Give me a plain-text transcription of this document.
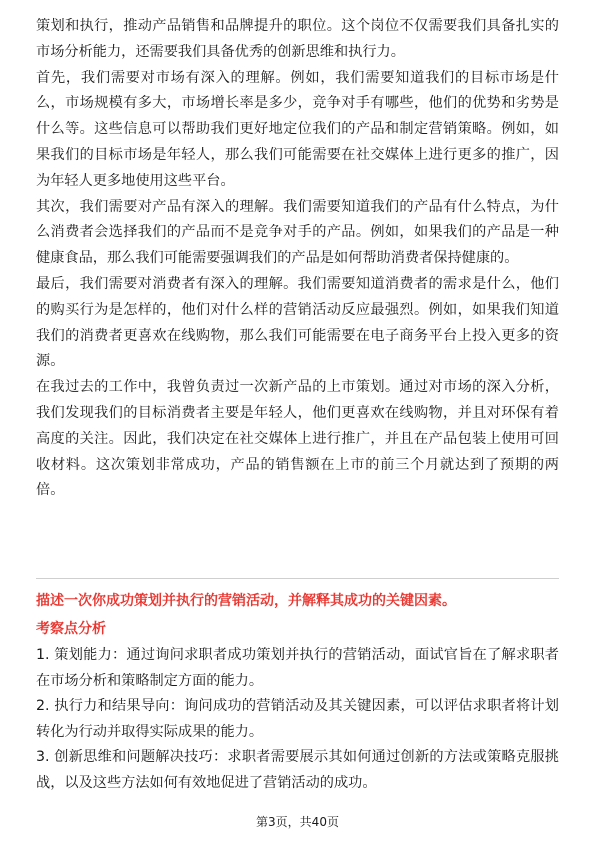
策划和执行，推动产品销售和品牌提升的职位。这个岗位不仅需要我们具备扎实的市场分析能力，还需要我们具备优秀的创新思维和执行力。

首先，我们需要对市场有深入的理解。例如，我们需要知道我们的目标市场是什么，市场规模有多大，市场增长率是多少，竞争对手有哪些，他们的优势和劣势是什么等。这些信息可以帮助我们更好地定位我们的产品和制定营销策略。例如，如果我们的目标市场是年轻人，那么我们可能需要在社交媒体上进行更多的推广，因为年轻人更多地使用这些平台。

其次，我们需要对产品有深入的理解。我们需要知道我们的产品有什么特点，为什么消费者会选择我们的产品而不是竞争对手的产品。例如，如果我们的产品是一种健康食品，那么我们可能需要强调我们的产品是如何帮助消费者保持健康的。

最后，我们需要对消费者有深入的理解。我们需要知道消费者的需求是什么，他们的购买行为是怎样的，他们对什么样的营销活动反应最强烈。例如，如果我们知道我们的消费者更喜欢在线购物，那么我们可能需要在电子商务平台上投入更多的资源。

在我过去的工作中，我曾负责过一次新产品的上市策划。通过对市场的深入分析，我们发现我们的目标消费者主要是年轻人，他们更喜欢在线购物，并且对环保有着高度的关注。因此，我们决定在社交媒体上进行推广，并且在产品包装上使用可回收材料。这次策划非常成功，产品的销售额在上市的前三个月就达到了预期的两倍。

描述一次你成功策划并执行的营销活动，并解释其成功的关键因素。

考察点分析

1. 策划能力：通过询问求职者成功策划并执行的营销活动，面试官旨在了解求职者在市场分析和策略制定方面的能力。

2. 执行力和结果导向：询问成功的营销活动及其关键因素，可以评估求职者将计划转化为行动并取得实际成果的能力。

3. 创新思维和问题解决技巧：求职者需要展示其如何通过创新的方法或策略克服挑战，以及这些方法如何有效地促进了营销活动的成功。

第3页，共40页
